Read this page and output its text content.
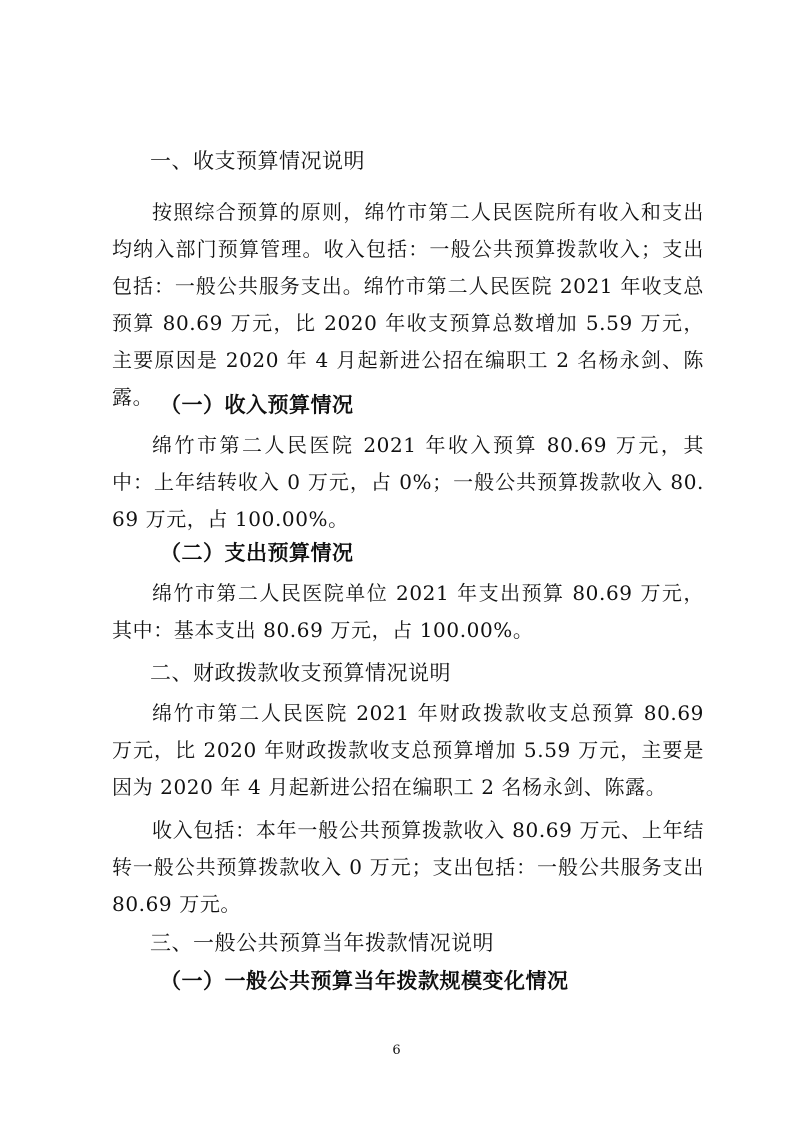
一、收支预算情况说明
按照综合预算的原则，绵竹市第二人民医院所有收入和支出均纳入部门预算管理。收入包括：一般公共预算拨款收入；支出包括：一般公共服务支出。绵竹市第二人民医院 2021 年收支总预算 80.69 万元，比 2020 年收支预算总数增加 5.59 万元，主要原因是 2020 年 4 月起新进公招在编职工 2 名杨永剑、陈露。 （一）收入预算情况
绵竹市第二人民医院 2021 年收入预算 80.69 万元，其中：上年结转收入 0 万元，占 0%；一般公共预算拨款收入 80.69 万元，占 100.00%。
（二）支出预算情况
绵竹市第二人民医院单位 2021 年支出预算 80.69 万元，其中：基本支出 80.69 万元，占 100.00%。
二、财政拨款收支预算情况说明
绵竹市第二人民医院 2021 年财政拨款收支总预算 80.69 万元，比 2020 年财政拨款收支总预算增加 5.59 万元，主要是因为 2020 年 4 月起新进公招在编职工 2 名杨永剑、陈露。
收入包括：本年一般公共预算拨款收入 80.69 万元、上年结转一般公共预算拨款收入 0 万元；支出包括：一般公共服务支出 80.69 万元。
三、一般公共预算当年拨款情况说明
（一）一般公共预算当年拨款规模变化情况
6
